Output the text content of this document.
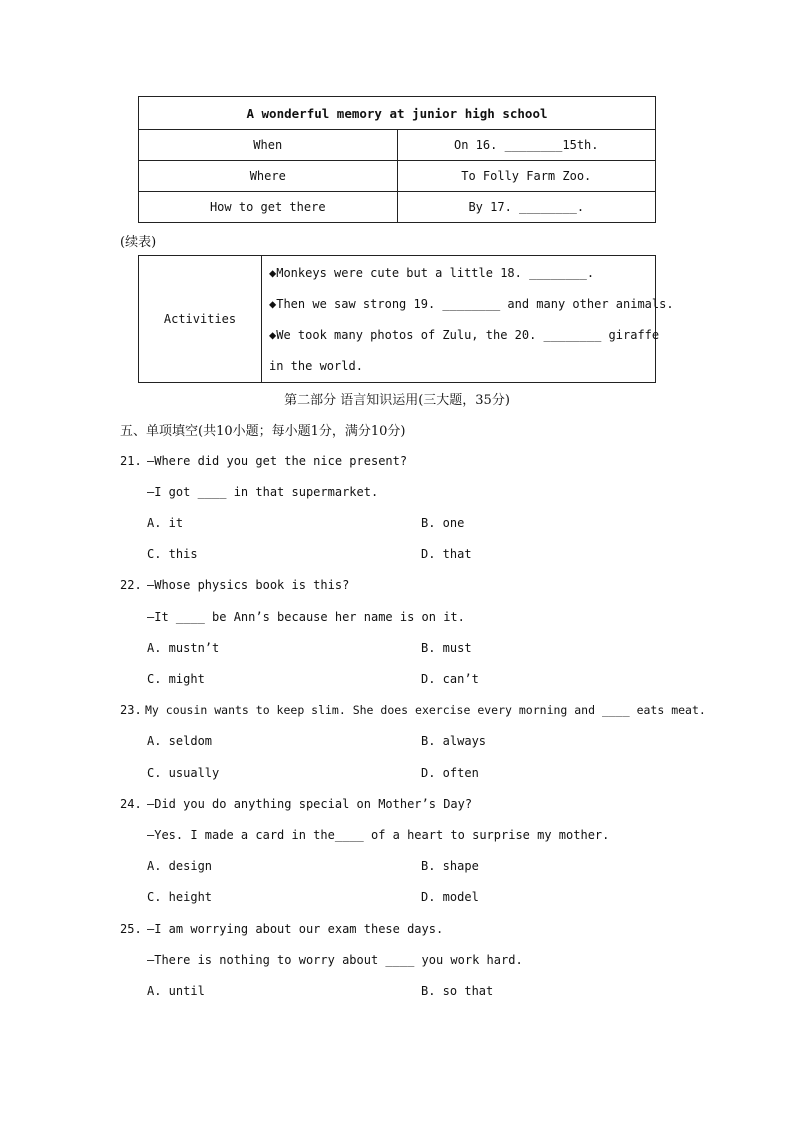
A wonderful memory at junior high school	
When	On 16. ________15th.
Where	To Folly Farm Zoo.
How to get there	By 17. ________.
(续表)
Activities	
◆Monkeys were cute but a little 18. ________.
◆Then we saw strong 19. ________ and many other animals.
◆We took many photos of Zulu, the 20. ________ giraffe
in the world.
第二部分 语言知识运用(三大题，35分)
五、单项填空(共10小题；每小题1分，满分10分)
21. —Where did you get the nice present?
—I got ____ in that supermarket.
A. it	B. one
C. this	D. that
22. —Whose physics book is this?
—It ____ be Ann’s because her name is on it.
A. mustn’t	B. must
C. might	D. can’t
23. My cousin wants to keep slim. She does exercise every morning and ____ eats meat.
A. seldom	B. always
C. usually	D. often
24. —Did you do anything special on Mother’s Day?
—Yes. I made a card in the____ of a heart to surprise my mother.
A. design	B. shape
C. height	D. model
25. —I am worrying about our exam these days.
—There is nothing to worry about ____ you work hard.
A. until	B. so that
